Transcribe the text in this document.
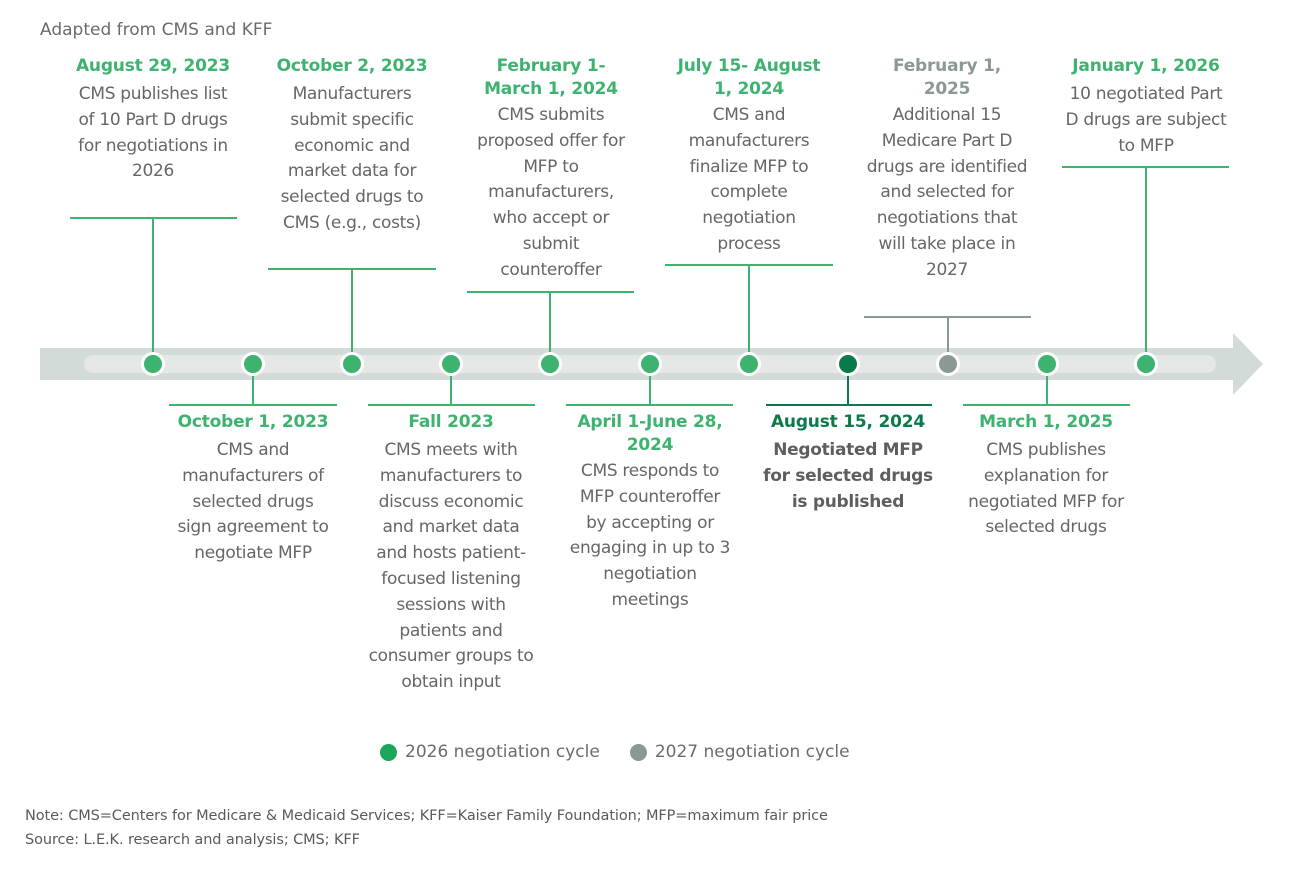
Adapted from CMS and KFF
August 29, 2023
CMS publishes list of 10 Part D drugs for negotiations in 2026
October 2, 2023
Manufacturers submit specific economic and market data for selected drugs to CMS (e.g., costs)
February 1- March 1, 2024
CMS submits proposed offer for MFP to manufacturers, who accept or submit counteroffer
July 15- August 1, 2024
CMS and manufacturers finalize MFP to complete negotiation process
February 1, 2025
Additional 15 Medicare Part D drugs are identified and selected for negotiations that will take place in 2027
January 1, 2026
10 negotiated Part D drugs are subject to MFP
October 1, 2023
CMS and manufacturers of selected drugs sign agreement to negotiate MFP
Fall 2023
CMS meets with manufacturers to discuss economic and market data and hosts patient-focused listening sessions with patients and consumer groups to obtain input
April 1-June 28, 2024
CMS responds to MFP counteroffer by accepting or engaging in up to 3 negotiation meetings
August 15, 2024
Negotiated MFP for selected drugs is published
March 1, 2025
CMS publishes explanation for negotiated MFP for selected drugs
2026 negotiation cycle	2027 negotiation cycle
Note: CMS=Centers for Medicare & Medicaid Services; KFF=Kaiser Family Foundation; MFP=maximum fair price
Source: L.E.K. research and analysis; CMS; KFF
